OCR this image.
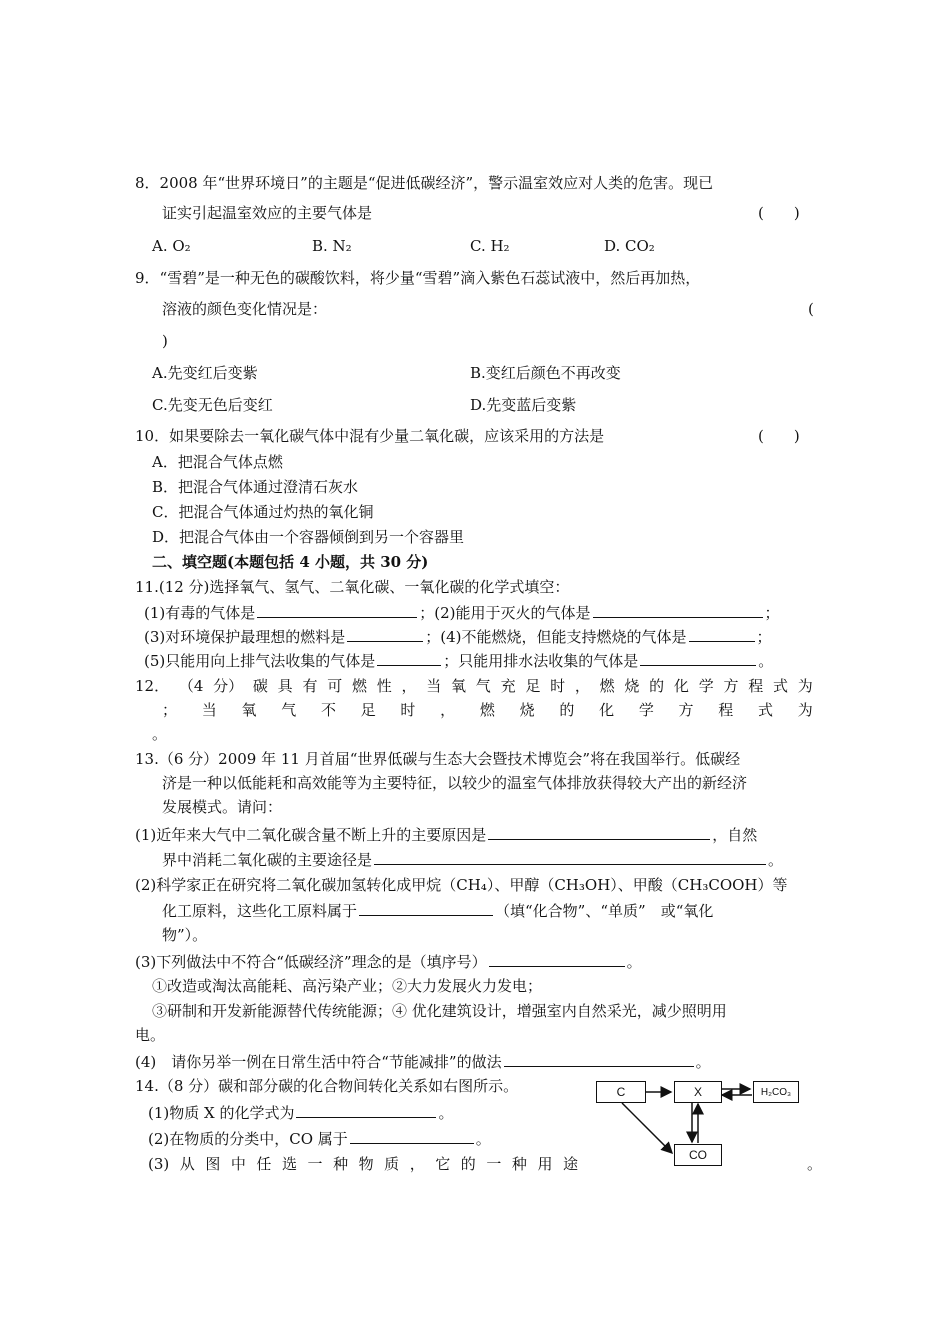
8．2008 年“世界环境日”的主题是“促进低碳经济”，警示温室效应对人类的危害。现已
证实引起温室效应的主要气体是	(　　)
A. O₂	B. N₂	C. H₂	D. CO₂
9．“雪碧”是一种无色的碳酸饮料，将少量“雪碧”滴入紫色石蕊试液中，然后再加热，
溶液的颜色变化情况是：	(
)
A.先变红后变紫	B.变红后颜色不再改变
C.先变无色后变红	D.先变蓝后变紫
10．如果要除去一氧化碳气体中混有少量二氧化碳，应该采用的方法是	(　　)
A．把混合气体点燃
B．把混合气体通过澄清石灰水
C．把混合气体通过灼热的氧化铜
D．把混合气体由一个容器倾倒到另一个容器里
二、填空题(本题包括 4 小题，共 30 分)
11.(12 分)选择氧气、氢气、二氧化碳、一氧化碳的化学式填空：
(1)有毒的气体是	；(2)能用于灭火的气体是	；
(3)对环境保护最理想的燃料是	；(4)不能燃烧，但能支持燃烧的气体是	；
(5)只能用向上排气法收集的气体是	；只能用排水法收集的气体是	。
12． （4 分） 碳 具 有 可 燃 性 ， 当 氧 气 充 足 时 ， 燃 烧 的 化 学 方 程 式 为
； 当 氧 气 不 足 时 ， 燃 烧 的 化 学 方 程 式 为
。
13.（6 分）2009 年 11 月首届“世界低碳与生态大会暨技术博览会”将在我国举行。低碳经
济是一种以低能耗和高效能等为主要特征，以较少的温室气体排放获得较大产出的新经济
发展模式。请问：
(1)近年来大气中二氧化碳含量不断上升的主要原因是	，自然
界中消耗二氧化碳的主要途径是	。
(2)科学家正在研究将二氧化碳加氢转化成甲烷（CH₄）、甲醇（CH₃OH）、甲酸（CH₃COOH）等
化工原料，这些化工原料属于	（填“化合物”、“单质”　或“氧化
物”）。
(3)下列做法中不符合“低碳经济”理念的是（填序号）	。
①改造或淘汰高能耗、高污染产业；②大力发展火力发电；
③研制和开发新能源替代传统能源；④ 优化建筑设计，增强室内自然采光，减少照明用
电。
(4)　请你另举一例在日常生活中符合“节能减排”的做法	。
14.（8 分）碳和部分碳的化合物间转化关系如右图所示。
(1)物质 X 的化学式为	。
(2)在物质的分类中，CO 属于	。
(3) 从 图 中 任 选 一 种 物 质 ， 它 的 一 种 用 途	。
C	X	H₂CO₃
CO
